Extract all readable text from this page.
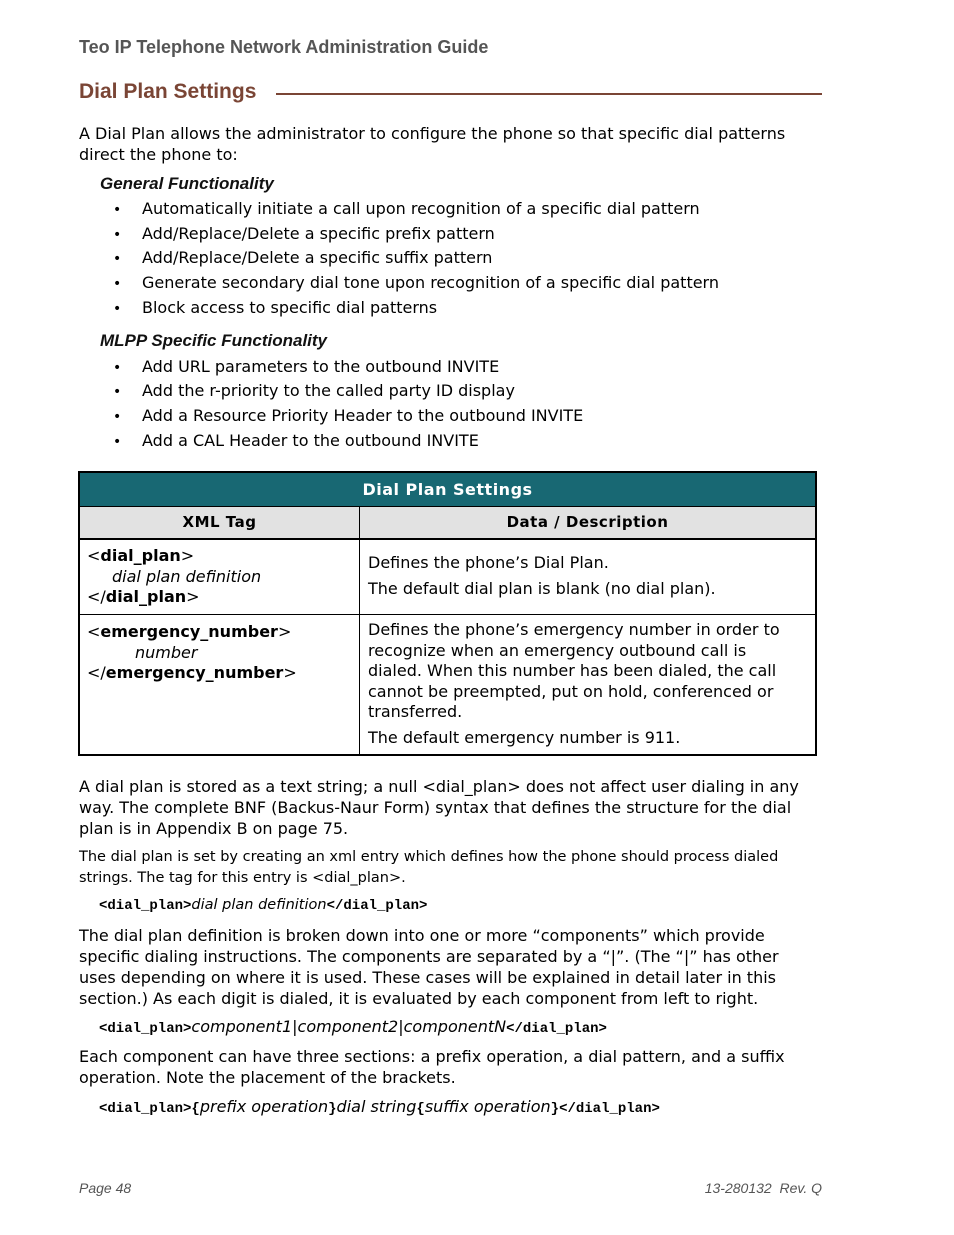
Teo IP Telephone Network Administration Guide
Dial Plan Settings
A Dial Plan allows the administrator to configure the phone so that specific dial patterns
direct the phone to:
General Functionality
• Automatically initiate a call upon recognition of a specific dial pattern
• Add/Replace/Delete a specific prefix pattern
• Add/Replace/Delete a specific suffix pattern
• Generate secondary dial tone upon recognition of a specific dial pattern
• Block access to specific dial patterns
MLPP Specific Functionality
• Add URL parameters to the outbound INVITE
• Add the r-priority to the called party ID display
• Add a Resource Priority Header to the outbound INVITE
• Add a CAL Header to the outbound INVITE
Dial Plan Settings
XML Tag	Data / Description
<dial_plan>
dial plan definition
</dial_plan>
Defines the phone’s Dial Plan.
The default dial plan is blank (no dial plan).
<emergency_number>
number
</emergency_number>
Defines the phone’s emergency number in order to
recognize when an emergency outbound call is
dialed. When this number has been dialed, the call
cannot be preempted, put on hold, conferenced or
transferred.
The default emergency number is 911.
A dial plan is stored as a text string; a null <dial_plan> does not affect user dialing in any
way. The complete BNF (Backus-Naur Form) syntax that defines the structure for the dial
plan is in Appendix B on page 75.
The dial plan is set by creating an xml entry which defines how the phone should process dialed
strings. The tag for this entry is <dial_plan>.
<dial_plan>dial plan definition</dial_plan>
The dial plan definition is broken down into one or more “components” which provide
specific dialing instructions. The components are separated by a “|”. (The “|” has other
uses depending on where it is used. These cases will be explained in detail later in this
section.) As each digit is dialed, it is evaluated by each component from left to right.
<dial_plan>component1|component2|componentN</dial_plan>
Each component can have three sections: a prefix operation, a dial pattern, and a suffix
operation. Note the placement of the brackets.
<dial_plan>{prefix operation}dial string{suffix operation}</dial_plan>
Page 48	13-280132  Rev. Q
